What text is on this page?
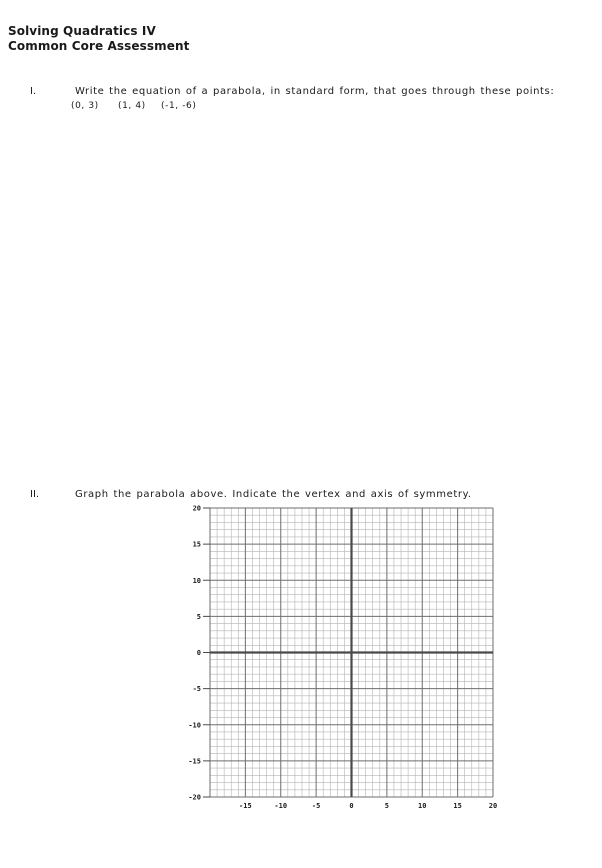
Solving Quadratics IV
Common Core Assessment
I.	Write the equation of a parabola, in standard form, that goes through these points:
(0, 3) (1, 4) (-1, -6)
II.	Graph the parabola above. Indicate the vertex and axis of symmetry.
20
15
10
5
0
-5
-10
-15
-20
-15	-10	-5	0	5	10	15	20
